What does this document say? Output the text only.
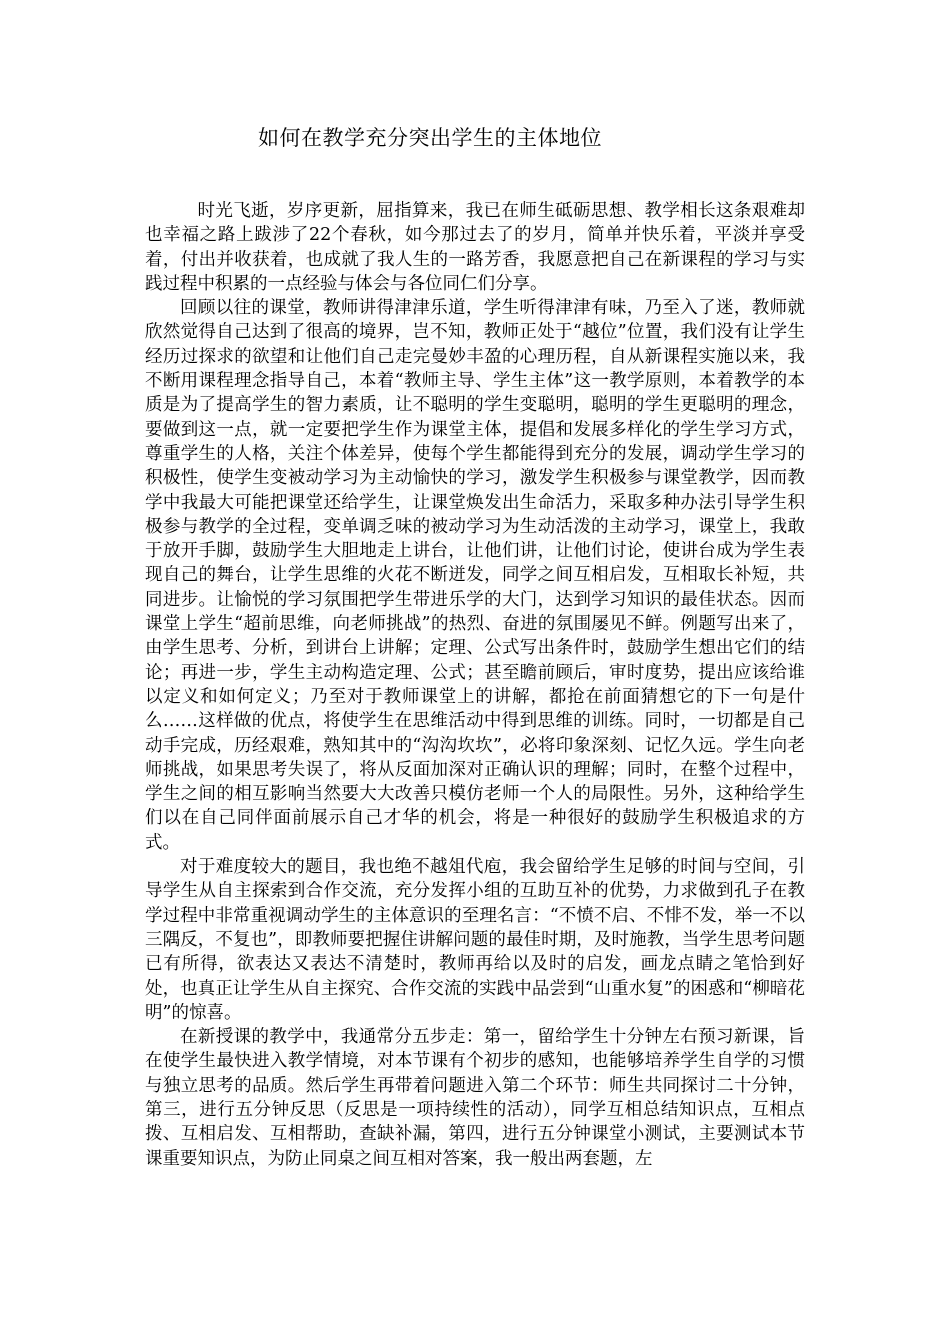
如何在教学充分突出学生的主体地位

时光飞逝，岁序更新，屈指算来，我已在师生砥砺思想、教学相长这条艰难却也幸福之路上跋涉了22个春秋，如今那过去了的岁月，简单并快乐着，平淡并享受着，付出并收获着，也成就了我人生的一路芳香，我愿意把自己在新课程的学习与实践过程中积累的一点经验与体会与各位同仁们分享。

回顾以往的课堂，教师讲得津津乐道，学生听得津津有味，乃至入了迷，教师就欣然觉得自己达到了很高的境界，岂不知，教师正处于“越位”位置，我们没有让学生经历过探求的欲望和让他们自己走完曼妙丰盈的心理历程，自从新课程实施以来，我不断用课程理念指导自己，本着“教师主导、学生主体”这一教学原则，本着教学的本质是为了提高学生的智力素质，让不聪明的学生变聪明，聪明的学生更聪明的理念，要做到这一点，就一定要把学生作为课堂主体，提倡和发展多样化的学生学习方式，尊重学生的人格，关注个体差异，使每个学生都能得到充分的发展，调动学生学习的积极性，使学生变被动学习为主动愉快的学习，激发学生积极参与课堂教学，因而教学中我最大可能把课堂还给学生，让课堂焕发出生命活力，采取多种办法引导学生积极参与教学的全过程，变单调乏味的被动学习为生动活泼的主动学习，课堂上，我敢于放开手脚，鼓励学生大胆地走上讲台，让他们讲，让他们讨论，使讲台成为学生表现自己的舞台，让学生思维的火花不断迸发，同学之间互相启发，互相取长补短，共同进步。让愉悦的学习氛围把学生带进乐学的大门，达到学习知识的最佳状态。因而课堂上学生“超前思维，向老师挑战”的热烈、奋进的氛围屡见不鲜。例题写出来了，由学生思考、分析，到讲台上讲解；定理、公式写出条件时，鼓励学生想出它们的结论；再进一步，学生主动构造定理、公式；甚至瞻前顾后，审时度势，提出应该给谁以定义和如何定义；乃至对于教师课堂上的讲解，都抢在前面猜想它的下一句是什么……这样做的优点，将使学生在思维活动中得到思维的训练。同时，一切都是自己动手完成，历经艰难，熟知其中的“沟沟坎坎”，必将印象深刻、记忆久远。学生向老师挑战，如果思考失误了，将从反面加深对正确认识的理解；同时，在整个过程中，学生之间的相互影响当然要大大改善只模仿老师一个人的局限性。另外，这种给学生们以在自己同伴面前展示自己才华的机会，将是一种很好的鼓励学生积极追求的方式。

对于难度较大的题目，我也绝不越俎代庖，我会留给学生足够的时间与空间，引导学生从自主探索到合作交流，充分发挥小组的互助互补的优势，力求做到孔子在教学过程中非常重视调动学生的主体意识的至理名言：“不愤不启、不悱不发，举一不以三隅反，不复也”，即教师要把握住讲解问题的最佳时期，及时施教，当学生思考问题已有所得，欲表达又表达不清楚时，教师再给以及时的启发，画龙点睛之笔恰到好处，也真正让学生从自主探究、合作交流的实践中品尝到“山重水复”的困惑和“柳暗花明”的惊喜。

在新授课的教学中，我通常分五步走：第一，留给学生十分钟左右预习新课，旨在使学生最快进入教学情境，对本节课有个初步的感知，也能够培养学生自学的习惯与独立思考的品质。然后学生再带着问题进入第二个环节：师生共同探讨二十分钟，第三，进行五分钟反思（反思是一项持续性的活动），同学互相总结知识点，互相点拨、互相启发、互相帮助，查缺补漏，第四，进行五分钟课堂小测试，主要测试本节课重要知识点，为防止同桌之间互相对答案，我一般出两套题，左
